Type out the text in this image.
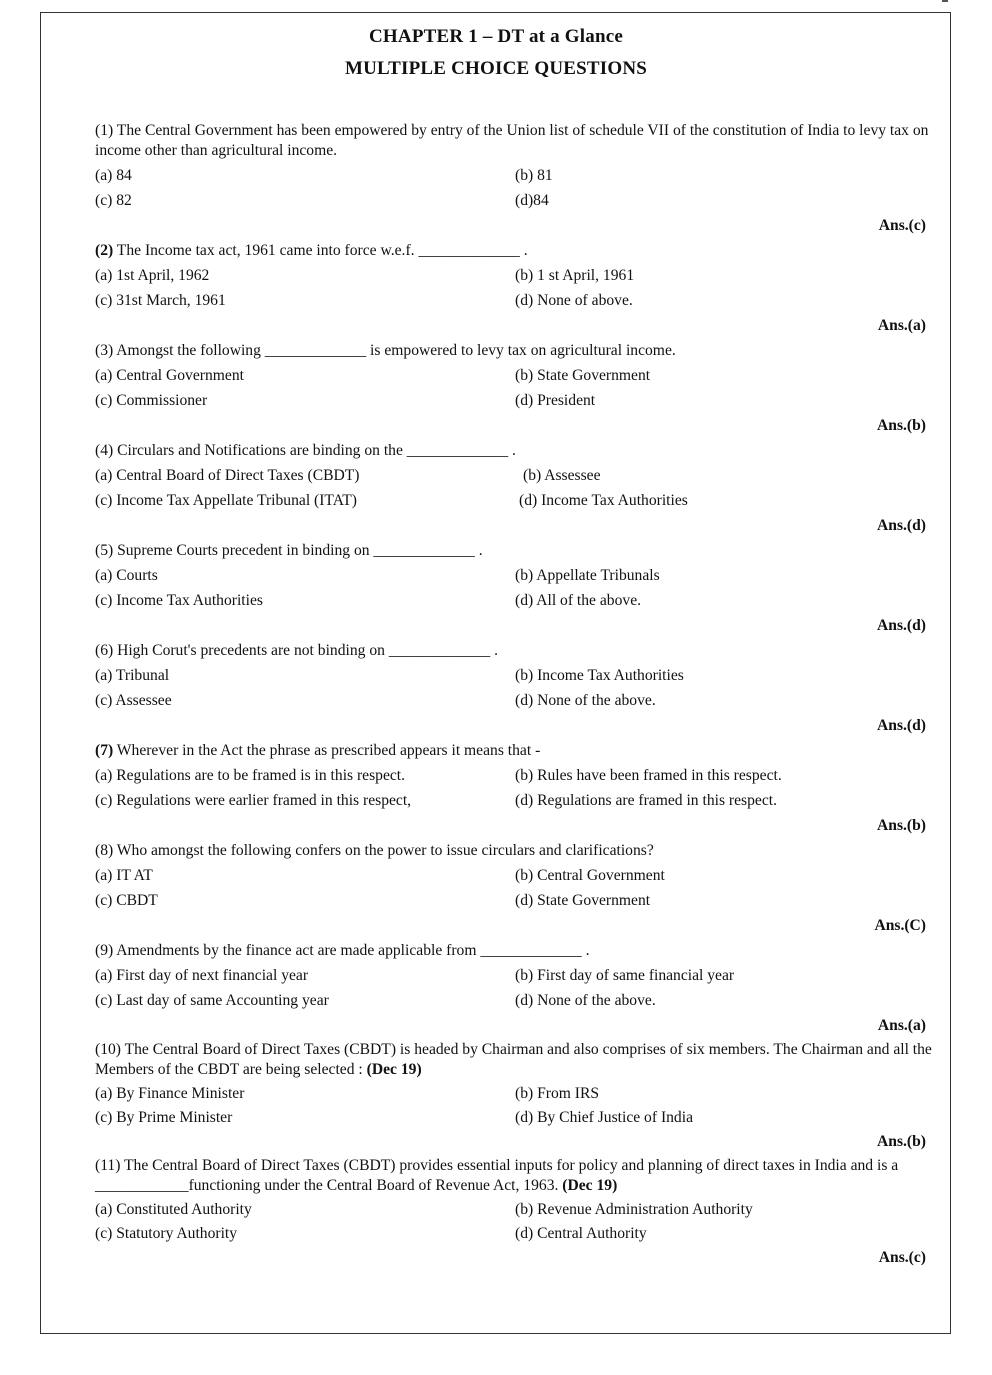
CHAPTER 1 – DT at a Glance
MULTIPLE CHOICE QUESTIONS
(1) The Central Government has been empowered by entry of the Union list of schedule VII of the constitution of India to levy tax on income other than agricultural income.
(a) 84	(b) 81
(c) 82	(d)84
Ans.(c)
(2) The Income tax act, 1961 came into force w.e.f. _____________ .
(a) 1st April, 1962	(b) 1 st April, 1961
(c) 31st March, 1961	(d) None of above.
Ans.(a)
(3) Amongst the following _____________ is empowered to levy tax on agricultural income.
(a) Central Government	(b) State Government
(c) Commissioner	(d) President
Ans.(b)
(4) Circulars and Notifications are binding on the _____________ .
(a) Central Board of Direct Taxes (CBDT)	(b) Assessee
(c) Income Tax Appellate Tribunal (ITAT)	(d) Income Tax Authorities
Ans.(d)
(5) Supreme Courts precedent in binding on _____________ .
(a) Courts	(b) Appellate Tribunals
(c) Income Tax Authorities	(d) All of the above.
Ans.(d)
(6) High Corut's precedents are not binding on _____________ .
(a) Tribunal	(b) Income Tax Authorities
(c) Assessee	(d) None of the above.
Ans.(d)
(7) Wherever in the Act the phrase as prescribed appears it means that -
(a) Regulations are to be framed is in this respect.	(b) Rules have been framed in this respect.
(c) Regulations were earlier framed in this respect,	(d) Regulations are framed in this respect.
Ans.(b)
(8) Who amongst the following confers on the power to issue circulars and clarifications?
(a) IT AT	(b) Central Government
(c) CBDT	(d) State Government
Ans.(C)
(9) Amendments by the finance act are made applicable from _____________ .
(a) First day of next financial year	(b) First day of same financial year
(c) Last day of same Accounting year	(d) None of the above.
Ans.(a)
(10) The Central Board of Direct Taxes (CBDT) is headed by Chairman and also comprises of six members. The Chairman and all the Members of the CBDT are being selected : (Dec 19)
(a) By Finance Minister	(b) From IRS
(c) By Prime Minister	(d) By Chief Justice of India
Ans.(b)
(11) The Central Board of Direct Taxes (CBDT) provides essential inputs for policy and planning of direct taxes in India and is a ____________functioning under the Central Board of Revenue Act, 1963. (Dec 19)
(a) Constituted Authority	(b) Revenue Administration Authority
(c) Statutory Authority	(d) Central Authority
Ans.(c)
